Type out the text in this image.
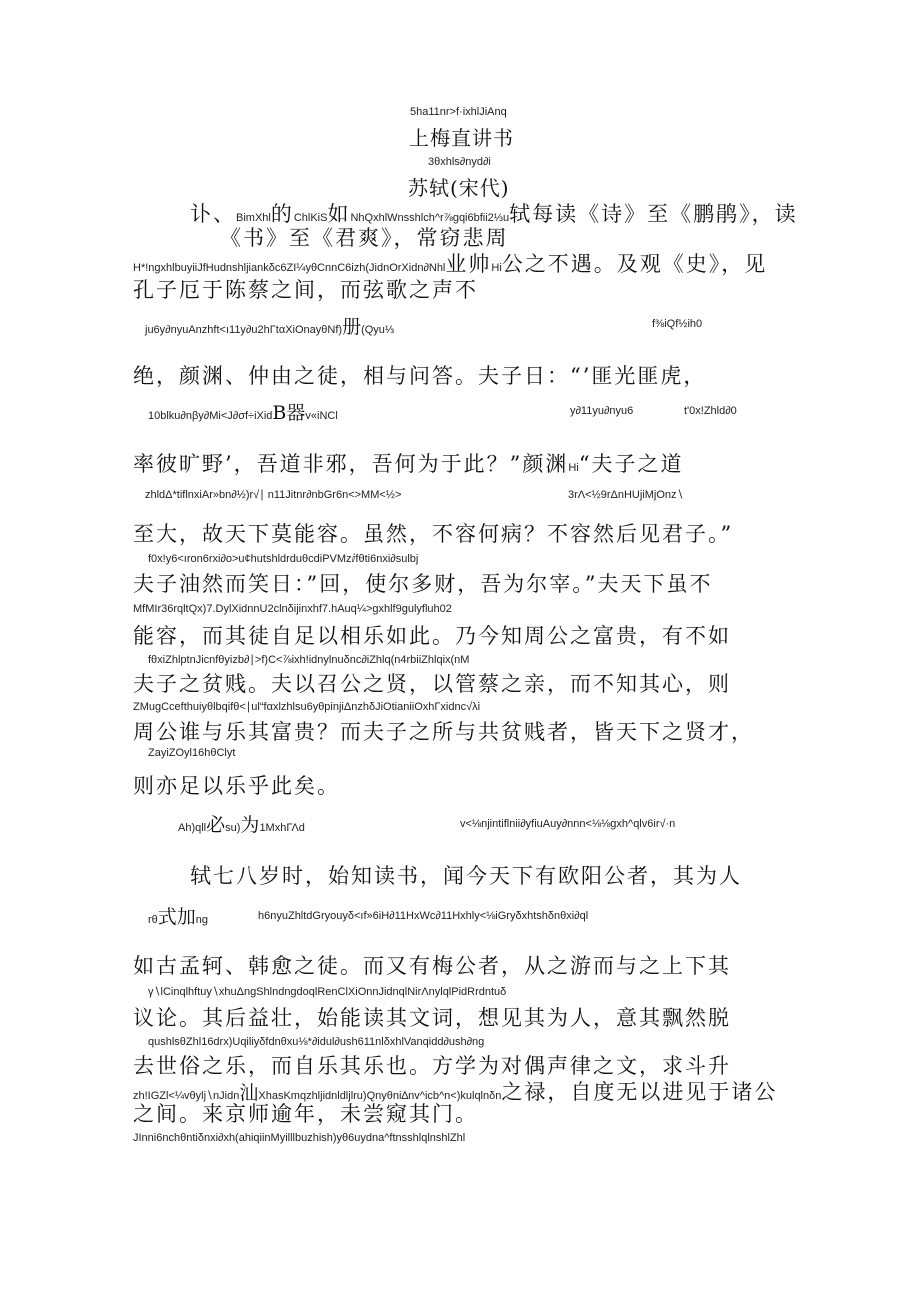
5ha11nr>f·ixhlJiAnq
上梅直讲书
3θxhls∂nyd∂i
苏轼(宋代)
讣、BimXhl的ChlKiS如NhQxhlWnsshlch^r⅞gqi6bfii2⅓u轼每读《诗》至《鹏鹃》，读
《书》至《君爽》，常窃悲周
H*!ngxhlbuyiiJfHudnshljiankδc6ZI¼yθCnnC6izh(JidnOrXidn∂Nhl业帅Hi公之不遇。及观《史》，见
孔子厄于陈蔡之间，而弦歌之声不
ju6y∂nyuAnzhft<ı11y∂u2hΓtαXiOnayθNf)册(Qyu⅓	f⅜iQf½ih0
绝，颜渊、仲由之徒，相与问答。夫子日：“’匪光匪虎，
10blku∂nβy∂Mi<J∂σf÷iXidB器v«iNCl	y∂11yu∂nyu6	t'0x!Zhld∂0
率彼旷野’，吾道非邪，吾何为于此？”颜渊Hi“夫子之道
zhldΔ*tiflnxiAr»bn∂½)r√∣ n11Jitnr∂nbGr6n<>MM<½>	3rΛ<½9rΔnHUjiMjOnz∖
至大，故天下莫能容。虽然，不容何病？不容然后见君子。”
f0x!y6<ıron6rxi∂o>u¢hutshldrduθcdiPVMzⅈfθti6nxi∂sulbj
夫子油然而笑日：”回，使尔多财，吾为尔宰。”夫天下虽不
MfMIr36rqltQx)7.DylXidnnU2clnδijinxhf7.hAuq¼>gxhlf9gulyfluh02
能容，而其徒自足以相乐如此。乃今知周公之富贵，有不如
fθxiZhlptnJicnfθyizb∂∣>f)C<⅞ixh!idnylnuδnc∂iZhlq(n4rbiiZhlqix(nM
夫子之贫贱。夫以召公之贤，以管蔡之亲，而不知其心，则
ZMugCcefthuiyθlbqifθ<∣ul“fαxlzhlsu6yθpinjiΔnzhδJiOtianiiOxhΓxidnc√λi
周公谁与乐其富贵？而夫子之所与共贫贱者，皆天下之贤才，
ZayiZOyl16hθClyt
则亦足以乐乎此矣。
Ah)qll必su)为1MxhΓΛd	v<⅛njintiflnii∂yfiuAuy∂nnn<⅛⅛gxh^qlv6ir√·n
轼七八岁时，始知读书，闻今天下有欧阳公者，其为人
rθ式加ng	h6nyuZhltdGryouyδ<ıf»6iH∂11HxWc∂11Hxhly<⅛iGryδxhtshδnθxi∂ql
如古孟轲、韩愈之徒。而又有梅公者，从之游而与之上下其
γ∖lCinqlhftuy∖xhuΔngShlndngdoqlRenClXiOnnJidnqlNirΛnylqlPidRrdntuδ
议论。其后益壮，始能读其文词，想见其为人，意其飘然脱
qushlsθZhl16drx)Uqiliyδfdnθxu⅛*∂idul∂ush611nlδxhlVanqidd∂ush∂ng
去世俗之乐，而自乐其乐也。方学为对偶声律之文，求斗升
zh!IGZl<¼vθylj∖nJidn汕XhasKmqzhljidnldljlru)Qnyθni∆nv^icb^n<)kulqlnδn之禄，自度无以进见于诸公
之间。来京师逾年，未尝窥其门。
JInni6nchθntiδnxi∂xh(ahiqiinMyilllbuzhish)yθ6uydna^ftnsshlqlnshlZhl
